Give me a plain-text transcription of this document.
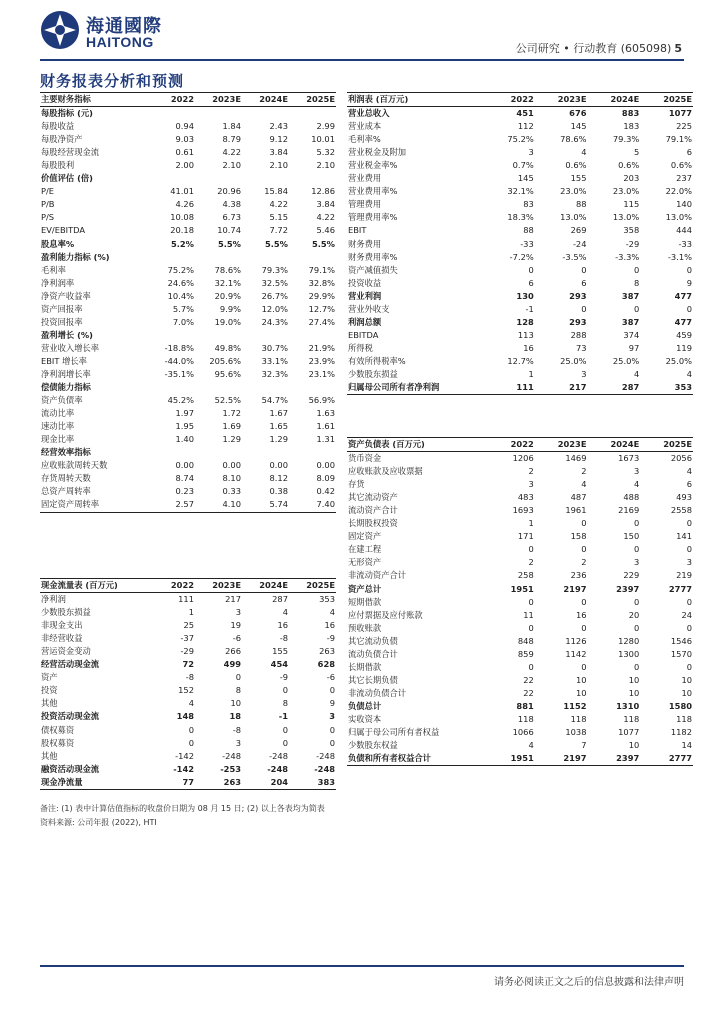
海通國際
HAITONG	公司研究 • 行动教育 (605098) 5
财务报表分析和预测
主要财务指标	2022	2023E	2024E	2025E
每股指标 (元)				
每股收益	0.94	1.84	2.43	2.99
每股净资产	9.03	8.79	9.12	10.01
每股经营现金流	0.61	4.22	3.84	5.32
每股股利	2.00	2.10	2.10	2.10
价值评估 (倍)				
P/E	41.01	20.96	15.84	12.86
P/B	4.26	4.38	4.22	3.84
P/S	10.08	6.73	5.15	4.22
EV/EBITDA	20.18	10.74	7.72	5.46
股息率%	5.2%	5.5%	5.5%	5.5%
盈利能力指标 (%)				
毛利率	75.2%	78.6%	79.3%	79.1%
净利润率	24.6%	32.1%	32.5%	32.8%
净资产收益率	10.4%	20.9%	26.7%	29.9%
资产回报率	5.7%	9.9%	12.0%	12.7%
投资回报率	7.0%	19.0%	24.3%	27.4%
盈利增长 (%)				
营业收入增长率	-18.8%	49.8%	30.7%	21.9%
EBIT 增长率	-44.0%	205.6%	33.1%	23.9%
净利润增长率	-35.1%	95.6%	32.3%	23.1%
偿债能力指标				
资产负债率	45.2%	52.5%	54.7%	56.9%
流动比率	1.97	1.72	1.67	1.63
速动比率	1.95	1.69	1.65	1.61
现金比率	1.40	1.29	1.29	1.31
经营效率指标				
应收账款周转天数	0.00	0.00	0.00	0.00
存货周转天数	8.74	8.10	8.12	8.09
总资产周转率	0.23	0.33	0.38	0.42
固定资产周转率	2.57	4.10	5.74	7.40
利润表 (百万元)	2022	2023E	2024E	2025E
营业总收入	451	676	883	1077
营业成本	112	145	183	225
毛利率%	75.2%	78.6%	79.3%	79.1%
营业税金及附加	3	4	5	6
营业税金率%	0.7%	0.6%	0.6%	0.6%
营业费用	145	155	203	237
营业费用率%	32.1%	23.0%	23.0%	22.0%
管理费用	83	88	115	140
管理费用率%	18.3%	13.0%	13.0%	13.0%
EBIT	88	269	358	444
财务费用	-33	-24	-29	-33
财务费用率%	-7.2%	-3.5%	-3.3%	-3.1%
资产减值损失	0	0	0	0
投资收益	6	6	8	9
营业利润	130	293	387	477
营业外收支	-1	0	0	0
利润总额	128	293	387	477
EBITDA	113	288	374	459
所得税	16	73	97	119
有效所得税率%	12.7%	25.0%	25.0%	25.0%
少数股东损益	1	3	4	4
归属母公司所有者净利润	111	217	287	353
资产负债表 (百万元)	2022	2023E	2024E	2025E
货币资金	1206	1469	1673	2056
应收账款及应收票据	2	2	3	4
存货	3	4	4	6
其它流动资产	483	487	488	493
流动资产合计	1693	1961	2169	2558
长期股权投资	1	0	0	0
固定资产	171	158	150	141
在建工程	0	0	0	0
无形资产	2	2	3	3
非流动资产合计	258	236	229	219
资产总计	1951	2197	2397	2777
短期借款	0	0	0	0
应付票据及应付账款	11	16	20	24
预收账款	0	0	0	0
其它流动负债	848	1126	1280	1546
流动负债合计	859	1142	1300	1570
长期借款	0	0	0	0
其它长期负债	22	10	10	10
非流动负债合计	22	10	10	10
负债总计	881	1152	1310	1580
实收资本	118	118	118	118
归属于母公司所有者权益	1066	1038	1077	1182
少数股东权益	4	7	10	14
负债和所有者权益合计	1951	2197	2397	2777
现金流量表 (百万元)	2022	2023E	2024E	2025E
净利润	111	217	287	353
少数股东损益	1	3	4	4
非现金支出	25	19	16	16
非经营收益	-37	-6	-8	-9
营运资金变动	-29	266	155	263
经营活动现金流	72	499	454	628
资产	-8	0	-9	-6
投资	152	8	0	0
其他	4	10	8	9
投资活动现金流	148	18	-1	3
债权募资	0	-8	0	0
股权募资	0	3	0	0
其他	-142	-248	-248	-248
融资活动现金流	-142	-253	-248	-248
现金净流量	77	263	204	383
备注: (1) 表中计算估值指标的收盘价日期为 08 月 15 日; (2) 以上各表均为简表
资料来源: 公司年报 (2022), HTI
请务必阅读正文之后的信息披露和法律声明
